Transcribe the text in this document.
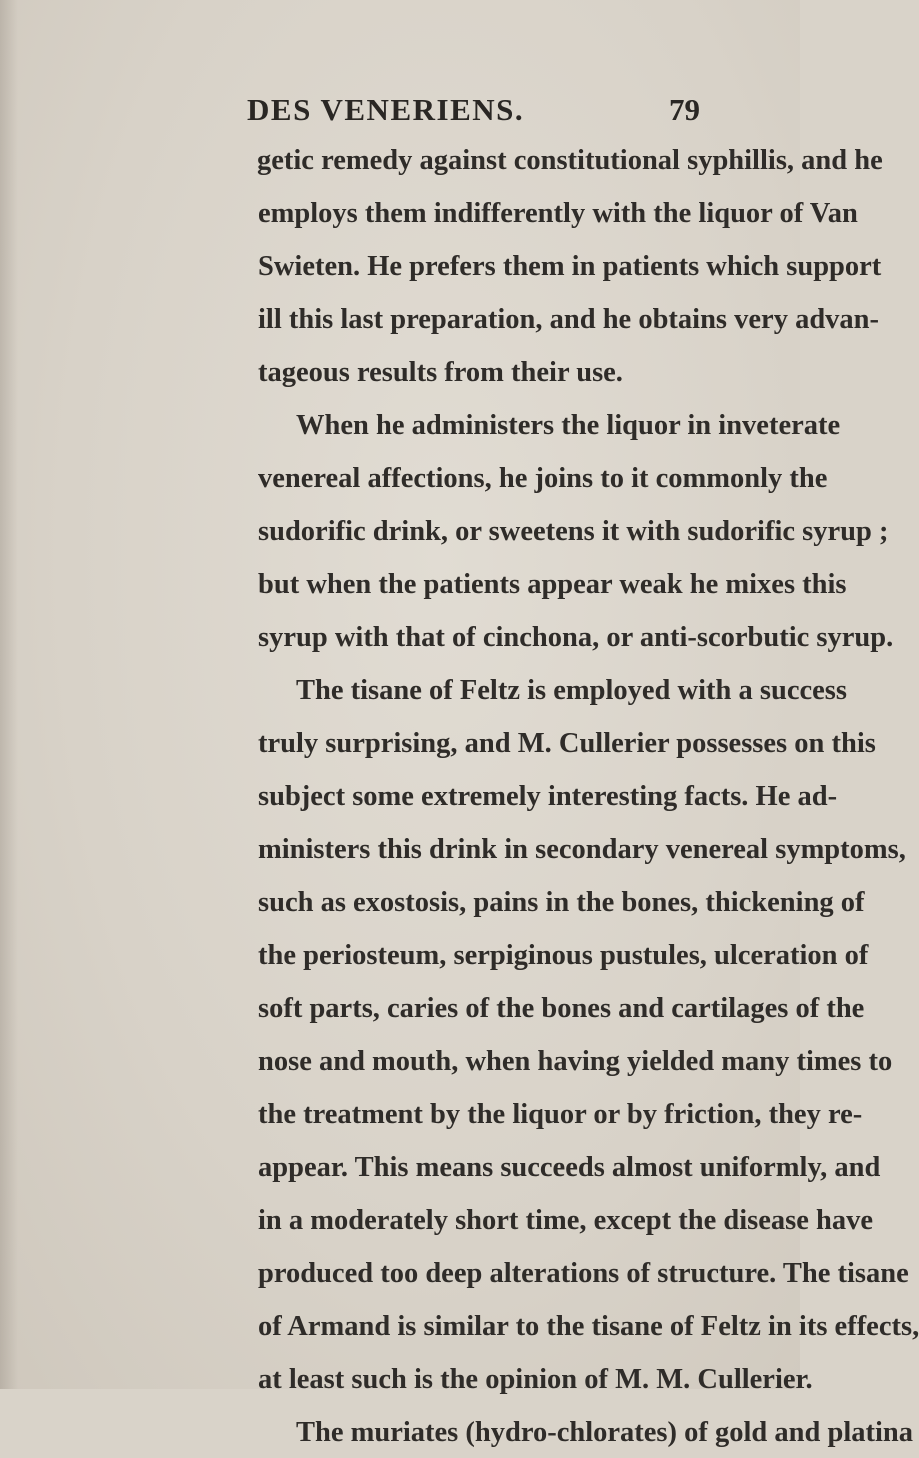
DES VENERIENS.	79
getic remedy against constitutional syphillis, and he
employs them indifferently with the liquor of Van
Swieten. He prefers them in patients which support
ill this last preparation, and he obtains very advan-
tageous results from their use.
When he administers the liquor in inveterate
venereal affections, he joins to it commonly the
sudorific drink, or sweetens it with sudorific syrup ;
but when the patients appear weak he mixes this
syrup with that of cinchona, or anti-scorbutic syrup.
The tisane of Feltz is employed with a success
truly surprising, and M. Cullerier possesses on this
subject some extremely interesting facts. He ad-
ministers this drink in secondary venereal symptoms,
such as exostosis, pains in the bones, thickening of
the periosteum, serpiginous pustules, ulceration of
soft parts, caries of the bones and cartilages of the
nose and mouth, when having yielded many times to
the treatment by the liquor or by friction, they re-
appear. This means succeeds almost uniformly, and
in a moderately short time, except the disease have
produced too deep alterations of structure. The tisane
of Armand is similar to the tisane of Feltz in its effects,
at least such is the opinion of M. M. Cullerier.
The muriates (hydro-chlorates) of gold and platina
